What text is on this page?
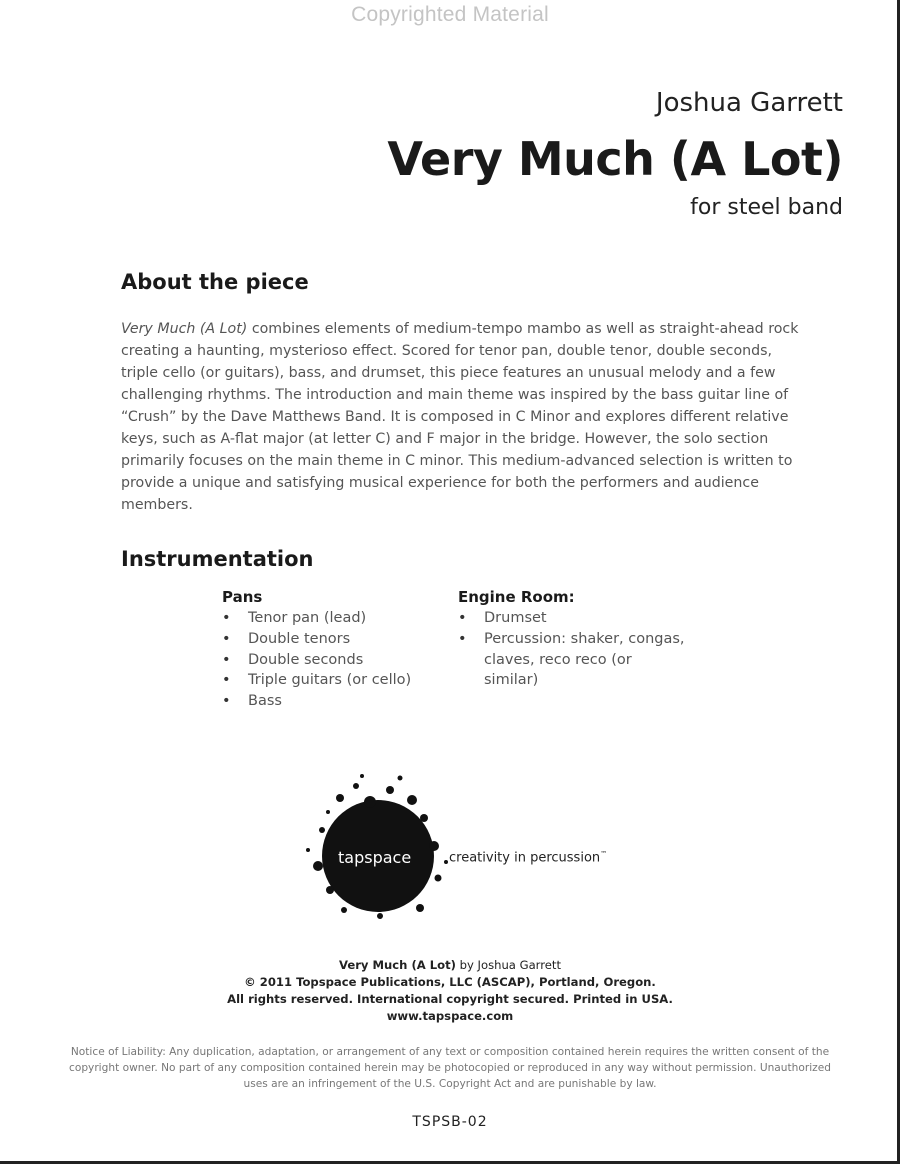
Copyrighted Material
Joshua Garrett
Very Much (A Lot)
for steel band
About the piece

Very Much (A Lot) combines elements of medium-tempo mambo as well as straight-ahead rock creating a haunting, mysterioso effect. Scored for tenor pan, double tenor, double seconds, triple cello (or guitars), bass, and drumset, this piece features an unusual melody and a few challenging rhythms. The introduction and main theme was inspired by the bass guitar line of “Crush” by the Dave Matthews Band. It is composed in C Minor and explores different relative keys, such as A-flat major (at letter C) and F major in the bridge. However, the solo section primarily focuses on the main theme in C minor. This medium-advanced selection is written to provide a unique and satisfying musical experience for both the performers and audience members.

Instrumentation
Pans
• Tenor pan (lead)
• Double tenors
• Double seconds
• Triple guitars (or cello)
• Bass
Engine Room:
• Drumset
• Percussion: shaker, congas, claves, reco reco (or similar)
tapspace	creativity in percussion™
Very Much (A Lot) by Joshua Garrett
© 2011 Topspace Publications, LLC (ASCAP), Portland, Oregon.
All rights reserved. International copyright secured. Printed in USA.
www.tapspace.com

Notice of Liability: Any duplication, adaptation, or arrangement of any text or composition contained herein requires the written consent of the copyright owner. No part of any composition contained herein may be photocopied or reproduced in any way without permission. Unauthorized uses are an infringement of the U.S. Copyright Act and are punishable by law.

TSPSB-02
